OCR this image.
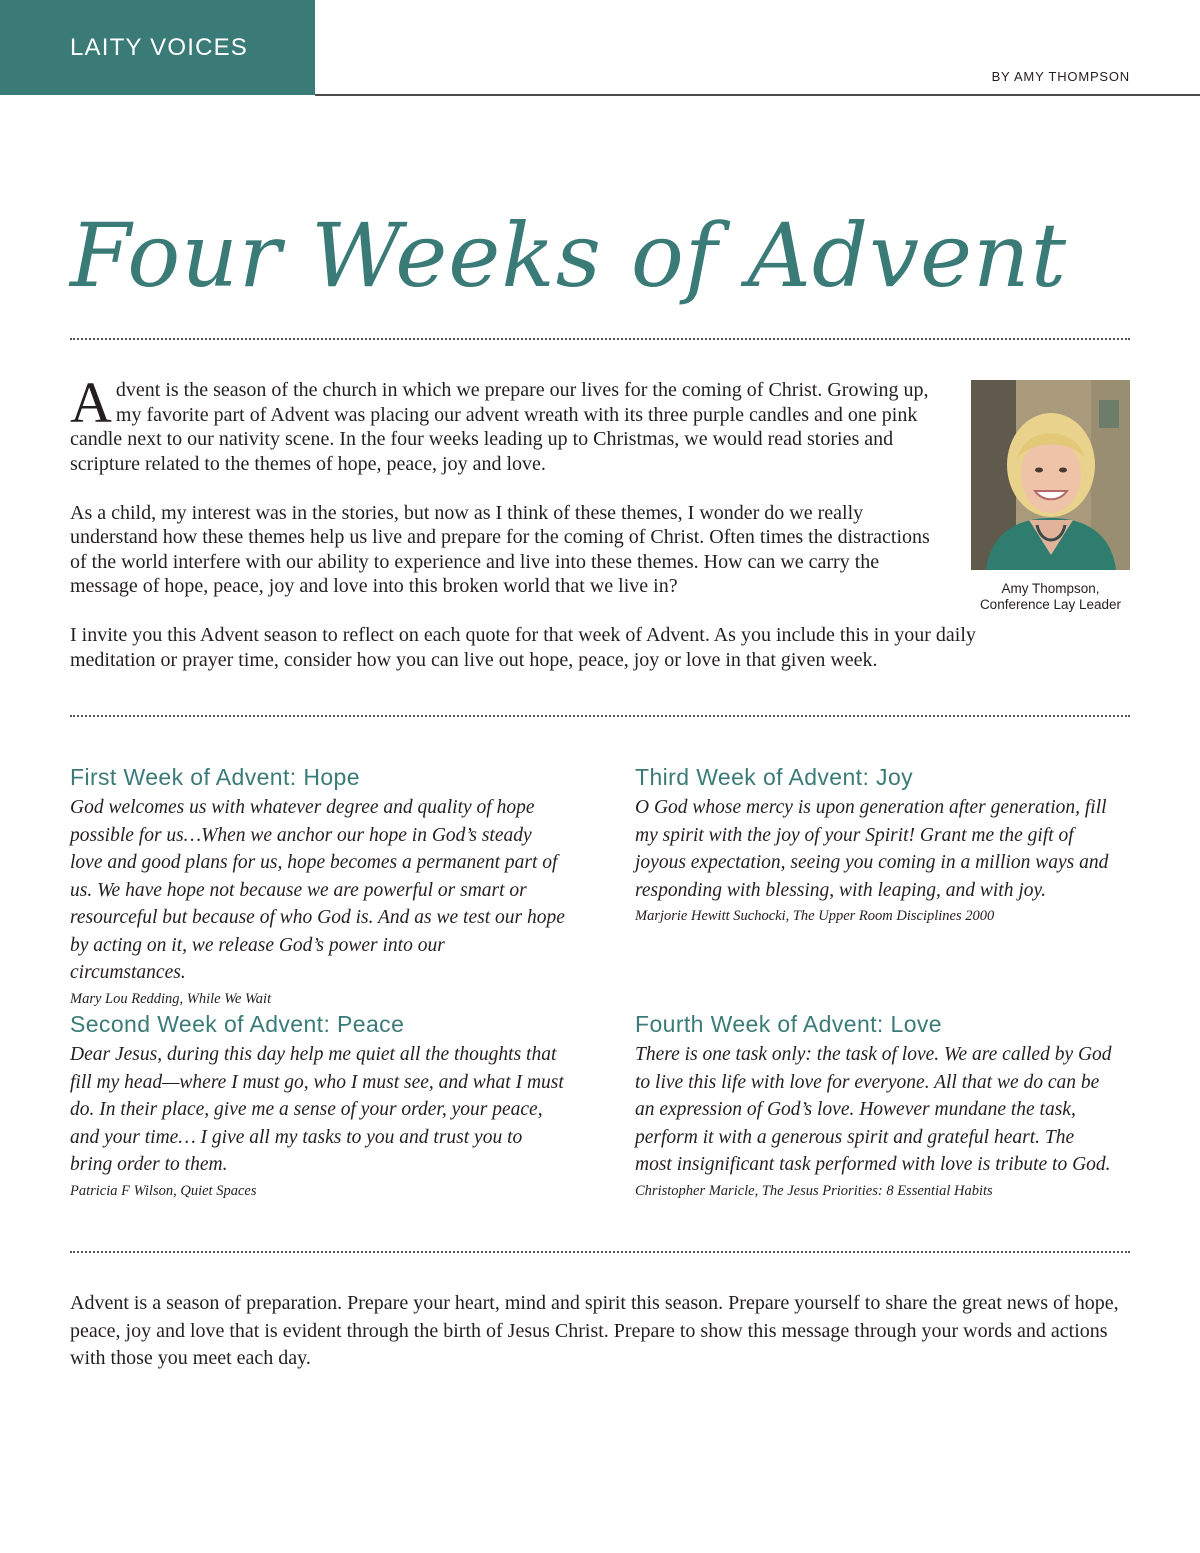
LAITY VOICES
BY AMY THOMPSON
Four Weeks of Advent

Advent is the season of the church in which we prepare our lives for the coming of Christ. Growing up, my favorite part of Advent was placing our advent wreath with its three purple candles and one pink candle next to our nativity scene. In the four weeks leading up to Christmas, we would read stories and scripture related to the themes of hope, peace, joy and love.

As a child, my interest was in the stories, but now as I think of these themes, I wonder do we really understand how these themes help us live and prepare for the coming of Christ. Often times the distractions of the world interfere with our ability to experience and live into these themes. How can we carry the message of hope, peace, joy and love into this broken world that we live in?

I invite you this Advent season to reflect on each quote for that week of Advent. As you include this in your daily meditation or prayer time, consider how you can live out hope, peace, joy or love in that given week.

Amy Thompson, Conference Lay Leader
First Week of Advent: Hope

God welcomes us with whatever degree and quality of hope possible for us…When we anchor our hope in God’s steady love and good plans for us, hope becomes a permanent part of us. We have hope not because we are powerful or smart or resourceful but because of who God is. And as we test our hope by acting on it, we release God’s power into our circumstances.

Mary Lou Redding, While We Wait

Second Week of Advent: Peace

Dear Jesus, during this day help me quiet all the thoughts that fill my head—where I must go, who I must see, and what I must do. In their place, give me a sense of your order, your peace, and your time… I give all my tasks to you and trust you to bring order to them.

Patricia F Wilson, Quiet Spaces

Third Week of Advent: Joy

O God whose mercy is upon generation after generation, fill my spirit with the joy of your Spirit! Grant me the gift of joyous expectation, seeing you coming in a million ways and responding with blessing, with leaping, and with joy.

Marjorie Hewitt Suchocki, The Upper Room Disciplines 2000

Fourth Week of Advent: Love

There is one task only: the task of love. We are called by God to live this life with love for everyone. All that we do can be an expression of God’s love. However mundane the task, perform it with a generous spirit and grateful heart. The most insignificant task performed with love is tribute to God.

Christopher Maricle, The Jesus Priorities: 8 Essential Habits

Advent is a season of preparation. Prepare your heart, mind and spirit this season. Prepare yourself to share the great news of hope, peace, joy and love that is evident through the birth of Jesus Christ. Prepare to show this message through your words and actions with those you meet each day.
